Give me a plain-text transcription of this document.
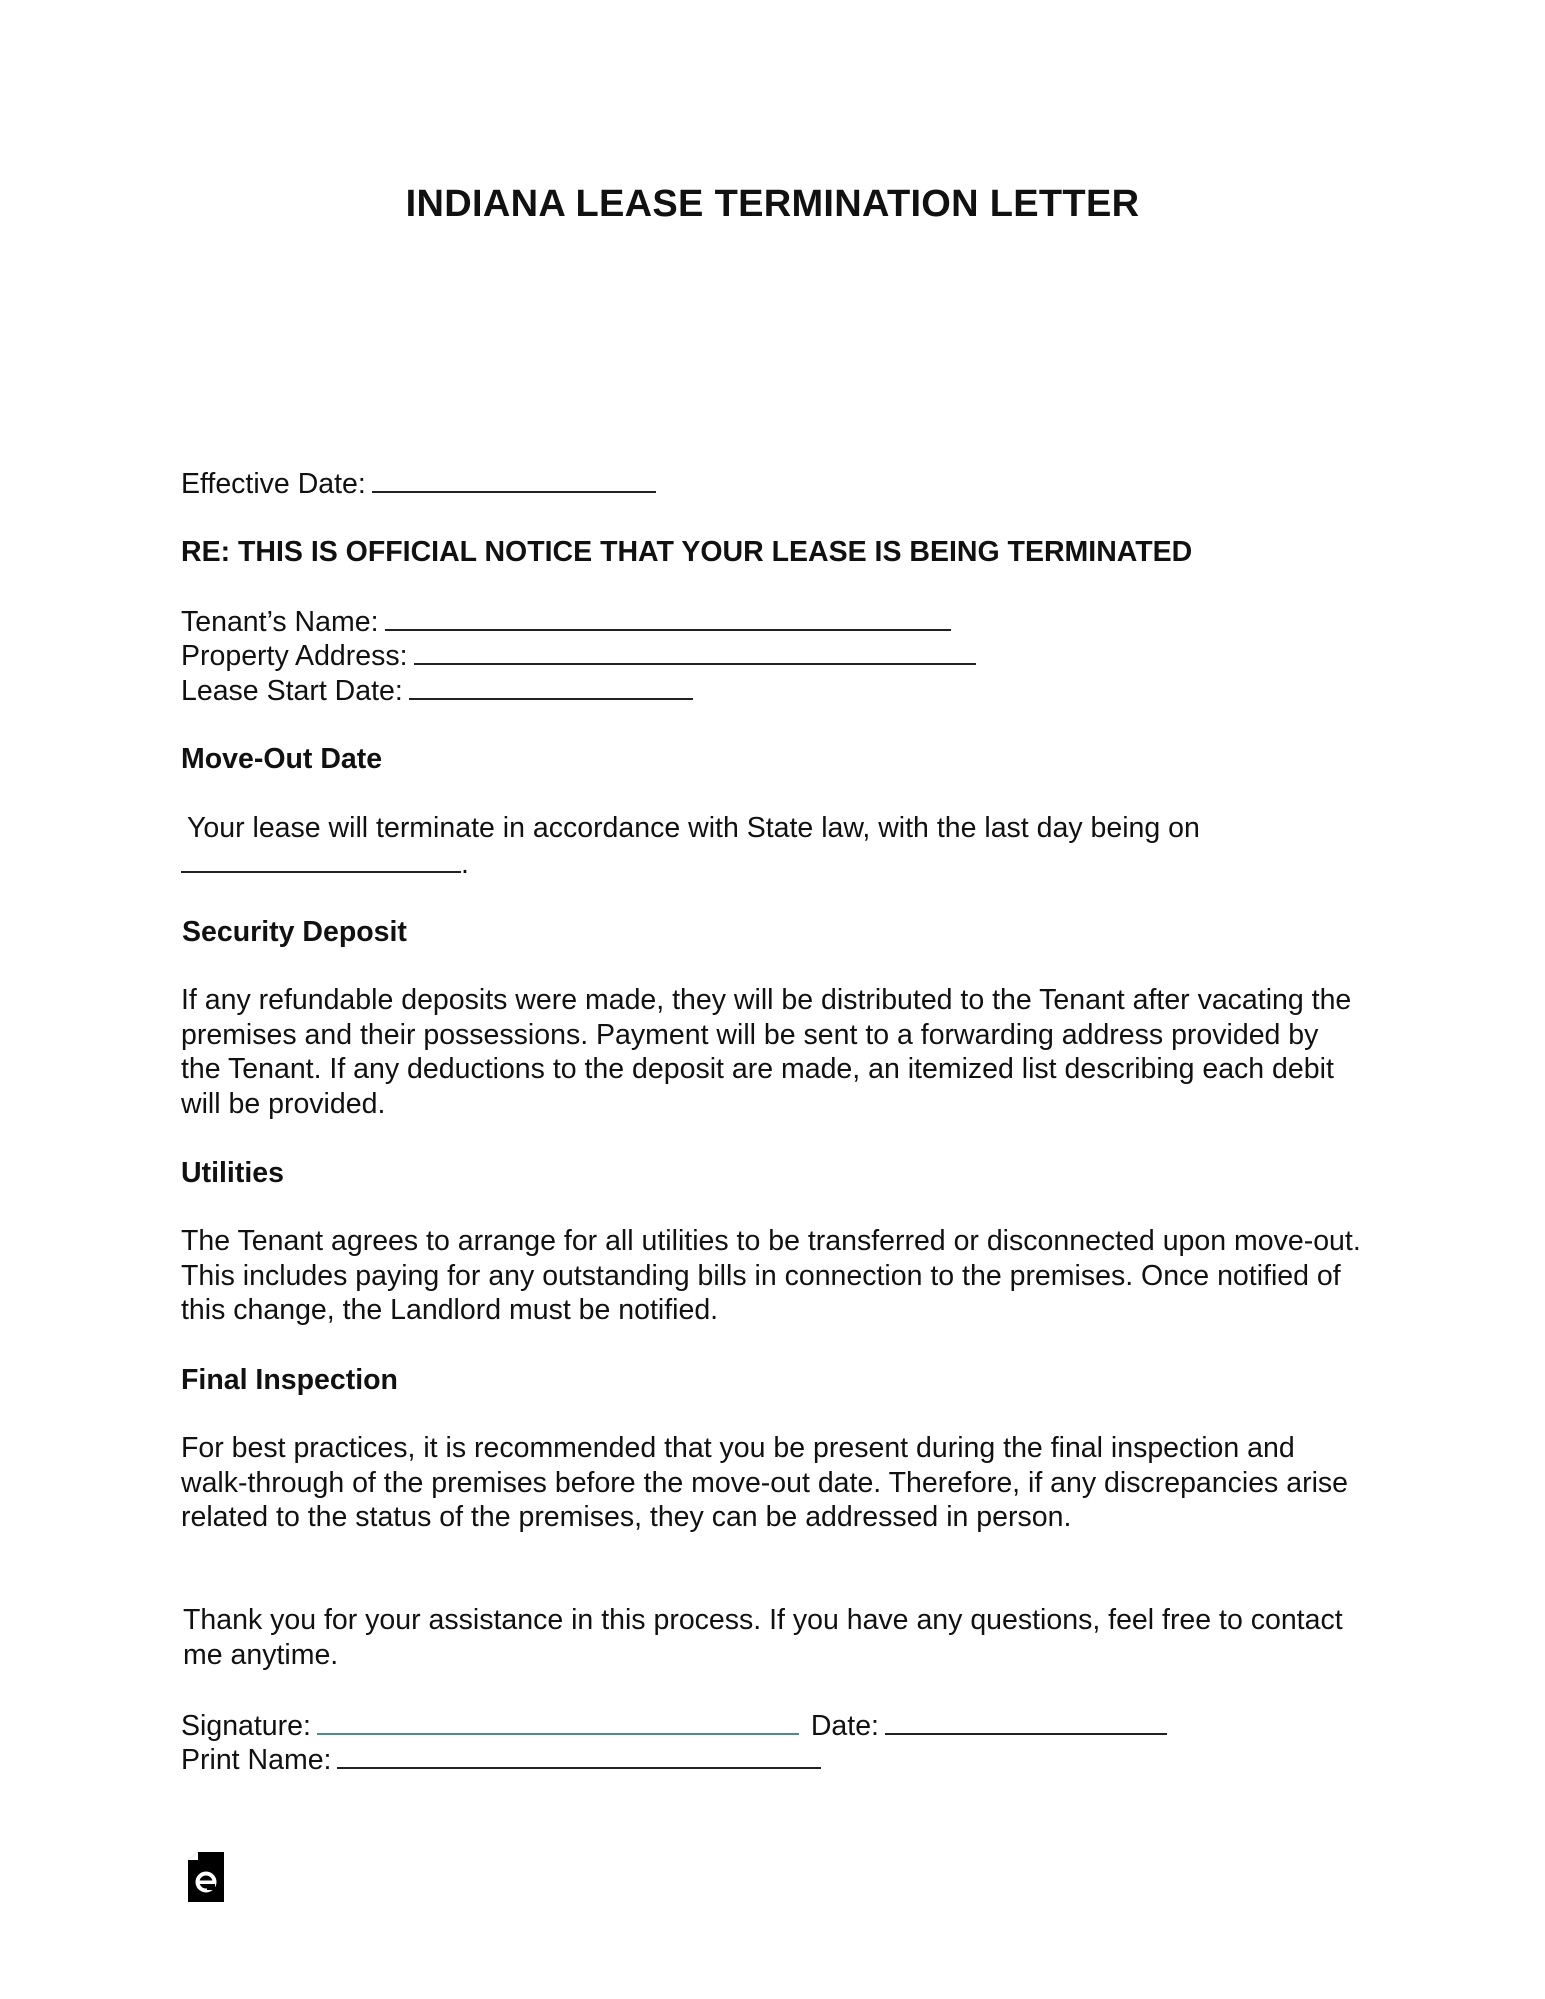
INDIANA LEASE TERMINATION LETTER
Effective Date:
RE: THIS IS OFFICIAL NOTICE THAT YOUR LEASE IS BEING TERMINATED
Tenant’s Name:
Property Address:
Lease Start Date:
Move-Out Date
Your lease will terminate in accordance with State law, with the last day being on
.
Security Deposit
If any refundable deposits were made, they will be distributed to the Tenant after vacating the premises and their possessions. Payment will be sent to a forwarding address provided by the Tenant. If any deductions to the deposit are made, an itemized list describing each debit will be provided.
Utilities
The Tenant agrees to arrange for all utilities to be transferred or disconnected upon move-out. This includes paying for any outstanding bills in connection to the premises. Once notified of this change, the Landlord must be notified.
Final Inspection
For best practices, it is recommended that you be present during the final inspection and walk-through of the premises before the move-out date. Therefore, if any discrepancies arise related to the status of the premises, they can be addressed in person.
Thank you for your assistance in this process. If you have any questions, feel free to contact me anytime.
Signature:	Date:
Print Name:
